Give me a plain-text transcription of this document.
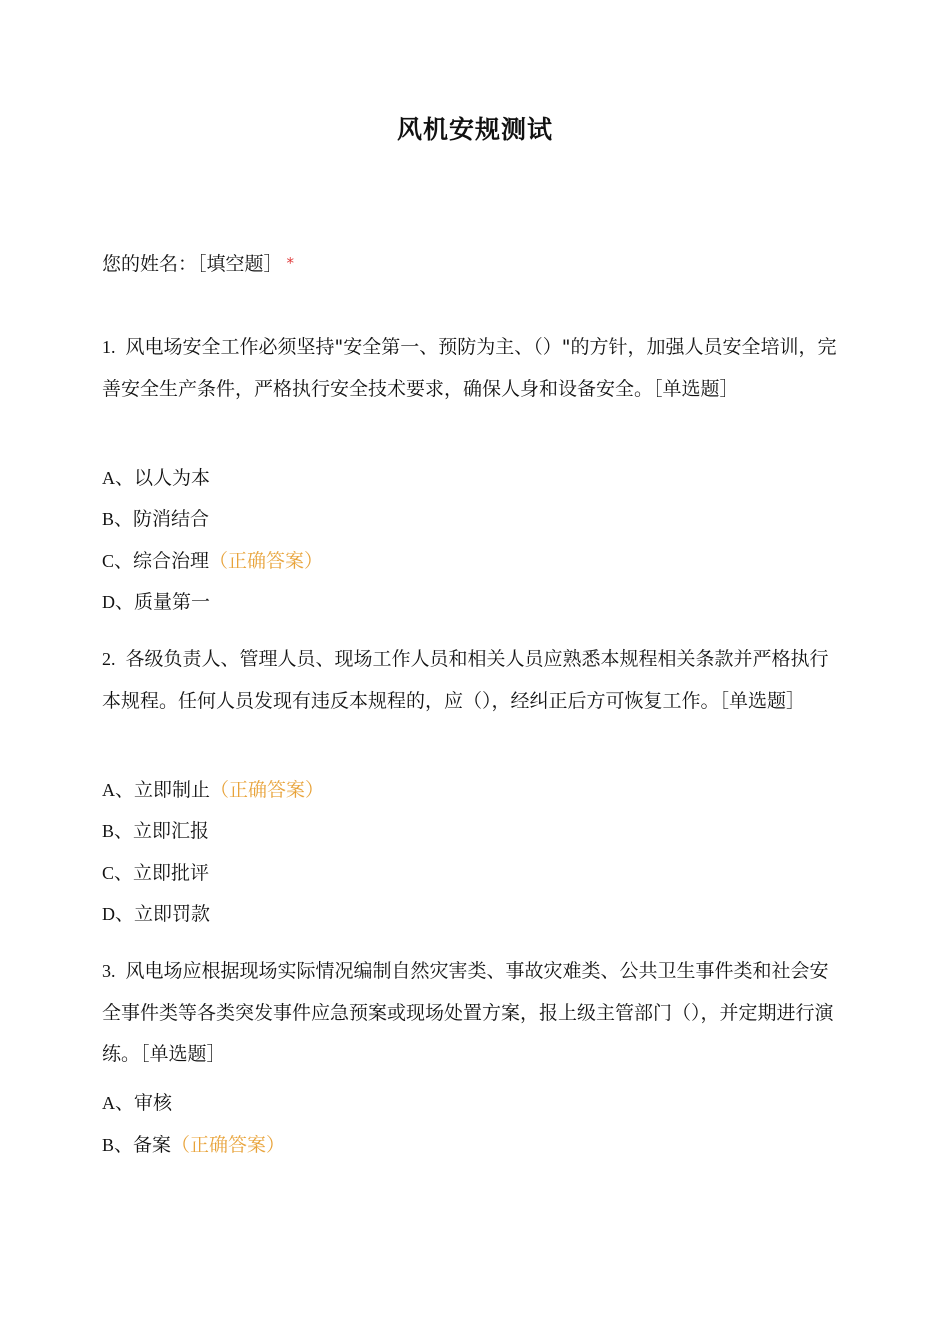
风机安规测试
您的姓名：［填空题］ *
1. 风电场安全工作必须坚持"安全第一、预防为主、（）"的方针，加强人员安全培训，完善安全生产条件，严格执行安全技术要求，确保人身和设备安全。［单选题］
A、以人为本
B、防消结合
C、综合治理（正确答案）
D、质量第一
2. 各级负责人、管理人员、现场工作人员和相关人员应熟悉本规程相关条款并严格执行本规程。任何人员发现有违反本规程的，应（），经纠正后方可恢复工作。［单选题］
A、立即制止（正确答案）
B、立即汇报
C、立即批评
D、立即罚款
3. 风电场应根据现场实际情况编制自然灾害类、事故灾难类、公共卫生事件类和社会安全事件类等各类突发事件应急预案或现场处置方案，报上级主管部门（），并定期进行演练。［单选题］
A、审核
B、备案（正确答案）
